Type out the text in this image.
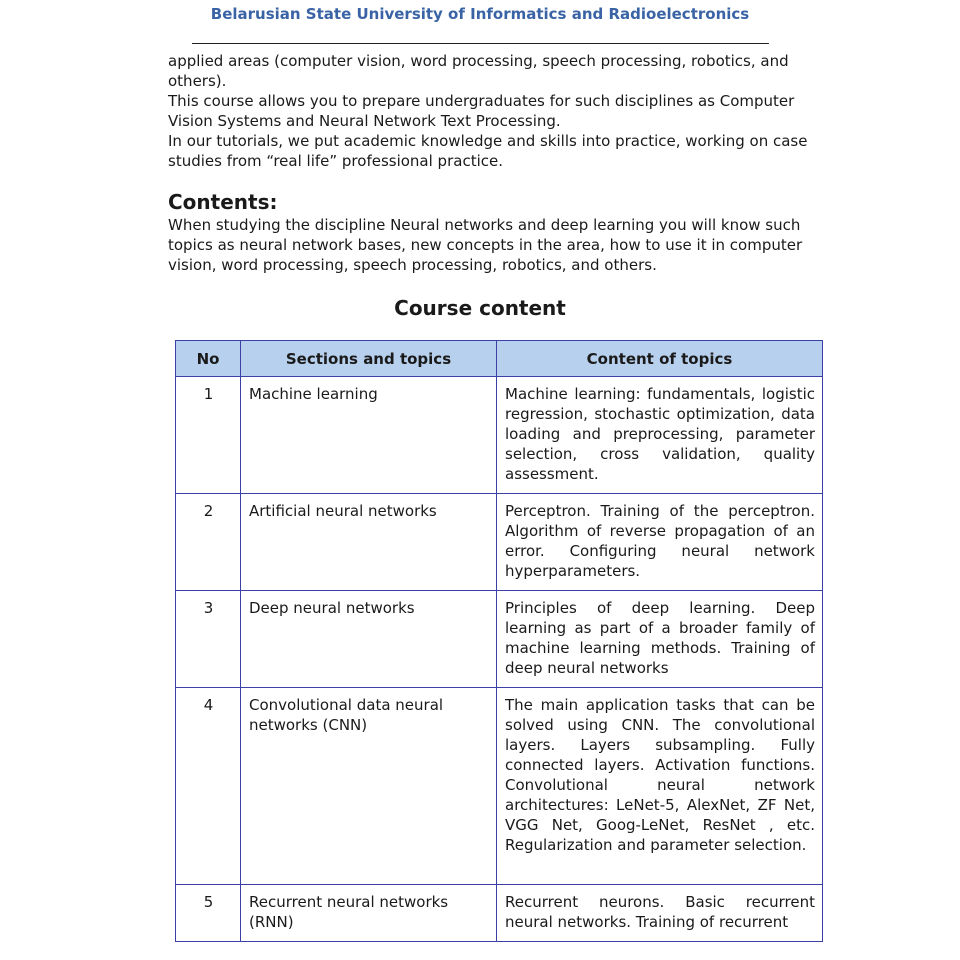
Belarusian State University of Informatics and Radioelectronics

applied areas (computer vision, word processing, speech processing, robotics, and others).

This course allows you to prepare undergraduates for such disciplines as Computer Vision Systems and Neural Network Text Processing.

In our tutorials, we put academic knowledge and skills into practice, working on case studies from “real life” professional practice.

Contents:

When studying the discipline Neural networks and deep learning you will know such topics as neural network bases, new concepts in the area, how to use it in computer vision, word processing, speech processing, robotics, and others.

Course content
No	Sections and topics	Content of topics
1	Machine learning	Machine learning: fundamentals, logistic regression, stochastic optimization, data loading and preprocessing, parameter selection, cross validation, quality assessment.
2	Artificial neural networks	Perceptron. Training of the perceptron. Algorithm of reverse propagation of an error. Configuring neural network hyperparameters.
3	Deep neural networks	Principles of deep learning. Deep learning as part of a broader family of machine learning methods. Training of deep neural networks
4	Convolutional data neural networks (CNN)	The main application tasks that can be solved using CNN. The convolutional layers. Layers subsampling. Fully connected layers. Activation functions. Convolutional neural network architectures: LeNet-5, AlexNet, ZF Net, VGG Net, Goog-LeNet, ResNet , etc. Regularization and parameter selection.
5	Recurrent neural networks (RNN)	Recurrent neurons. Basic recurrent neural networks. Training of recurrent
